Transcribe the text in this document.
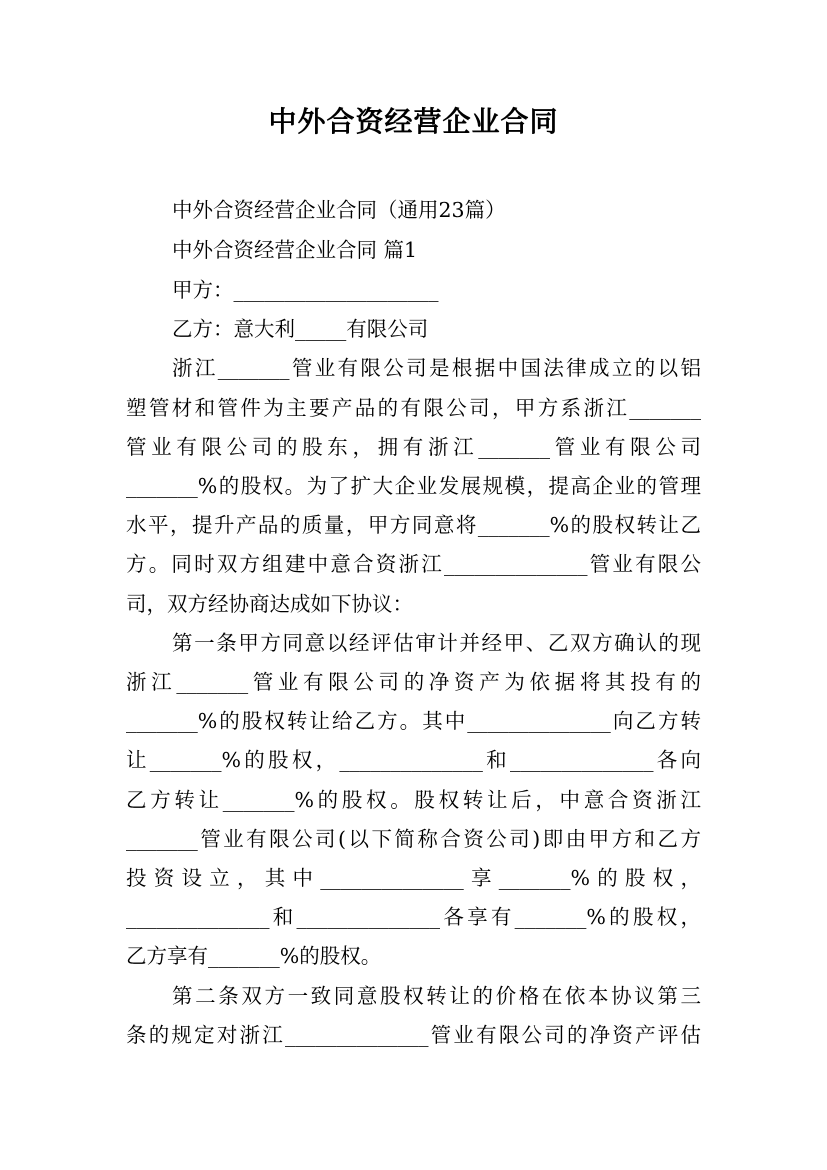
中外合资经营企业合同
中外合资经营企业合同（通用23篇）
中外合资经营企业合同 篇1
甲方：____________________
乙方：意大利_____有限公司
浙江_______管业有限公司是根据中国法律成立的以铝
塑管材和管件为主要产品的有限公司，甲方系浙江_______
管业有限公司的股东，拥有浙江_______管业有限公司
_______%的股权。为了扩大企业发展规模，提高企业的管理
水平，提升产品的质量，甲方同意将_______%的股权转让乙
方。同时双方组建中意合资浙江______________管业有限公
司，双方经协商达成如下协议：
第一条甲方同意以经评估审计并经甲、乙双方确认的现
浙江_______管业有限公司的净资产为依据将其投有的
_______%的股权转让给乙方。其中______________向乙方转
让_______%的股权，______________和______________各向
乙方转让_______%的股权。股权转让后，中意合资浙江
_______管业有限公司(以下简称合资公司)即由甲方和乙方
投资设立，其中______________享_______%的股权，
______________和______________各享有_______%的股权，
乙方享有_______%的股权。
第二条双方一致同意股权转让的价格在依本协议第三
条的规定对浙江______________管业有限公司的净资产评估
